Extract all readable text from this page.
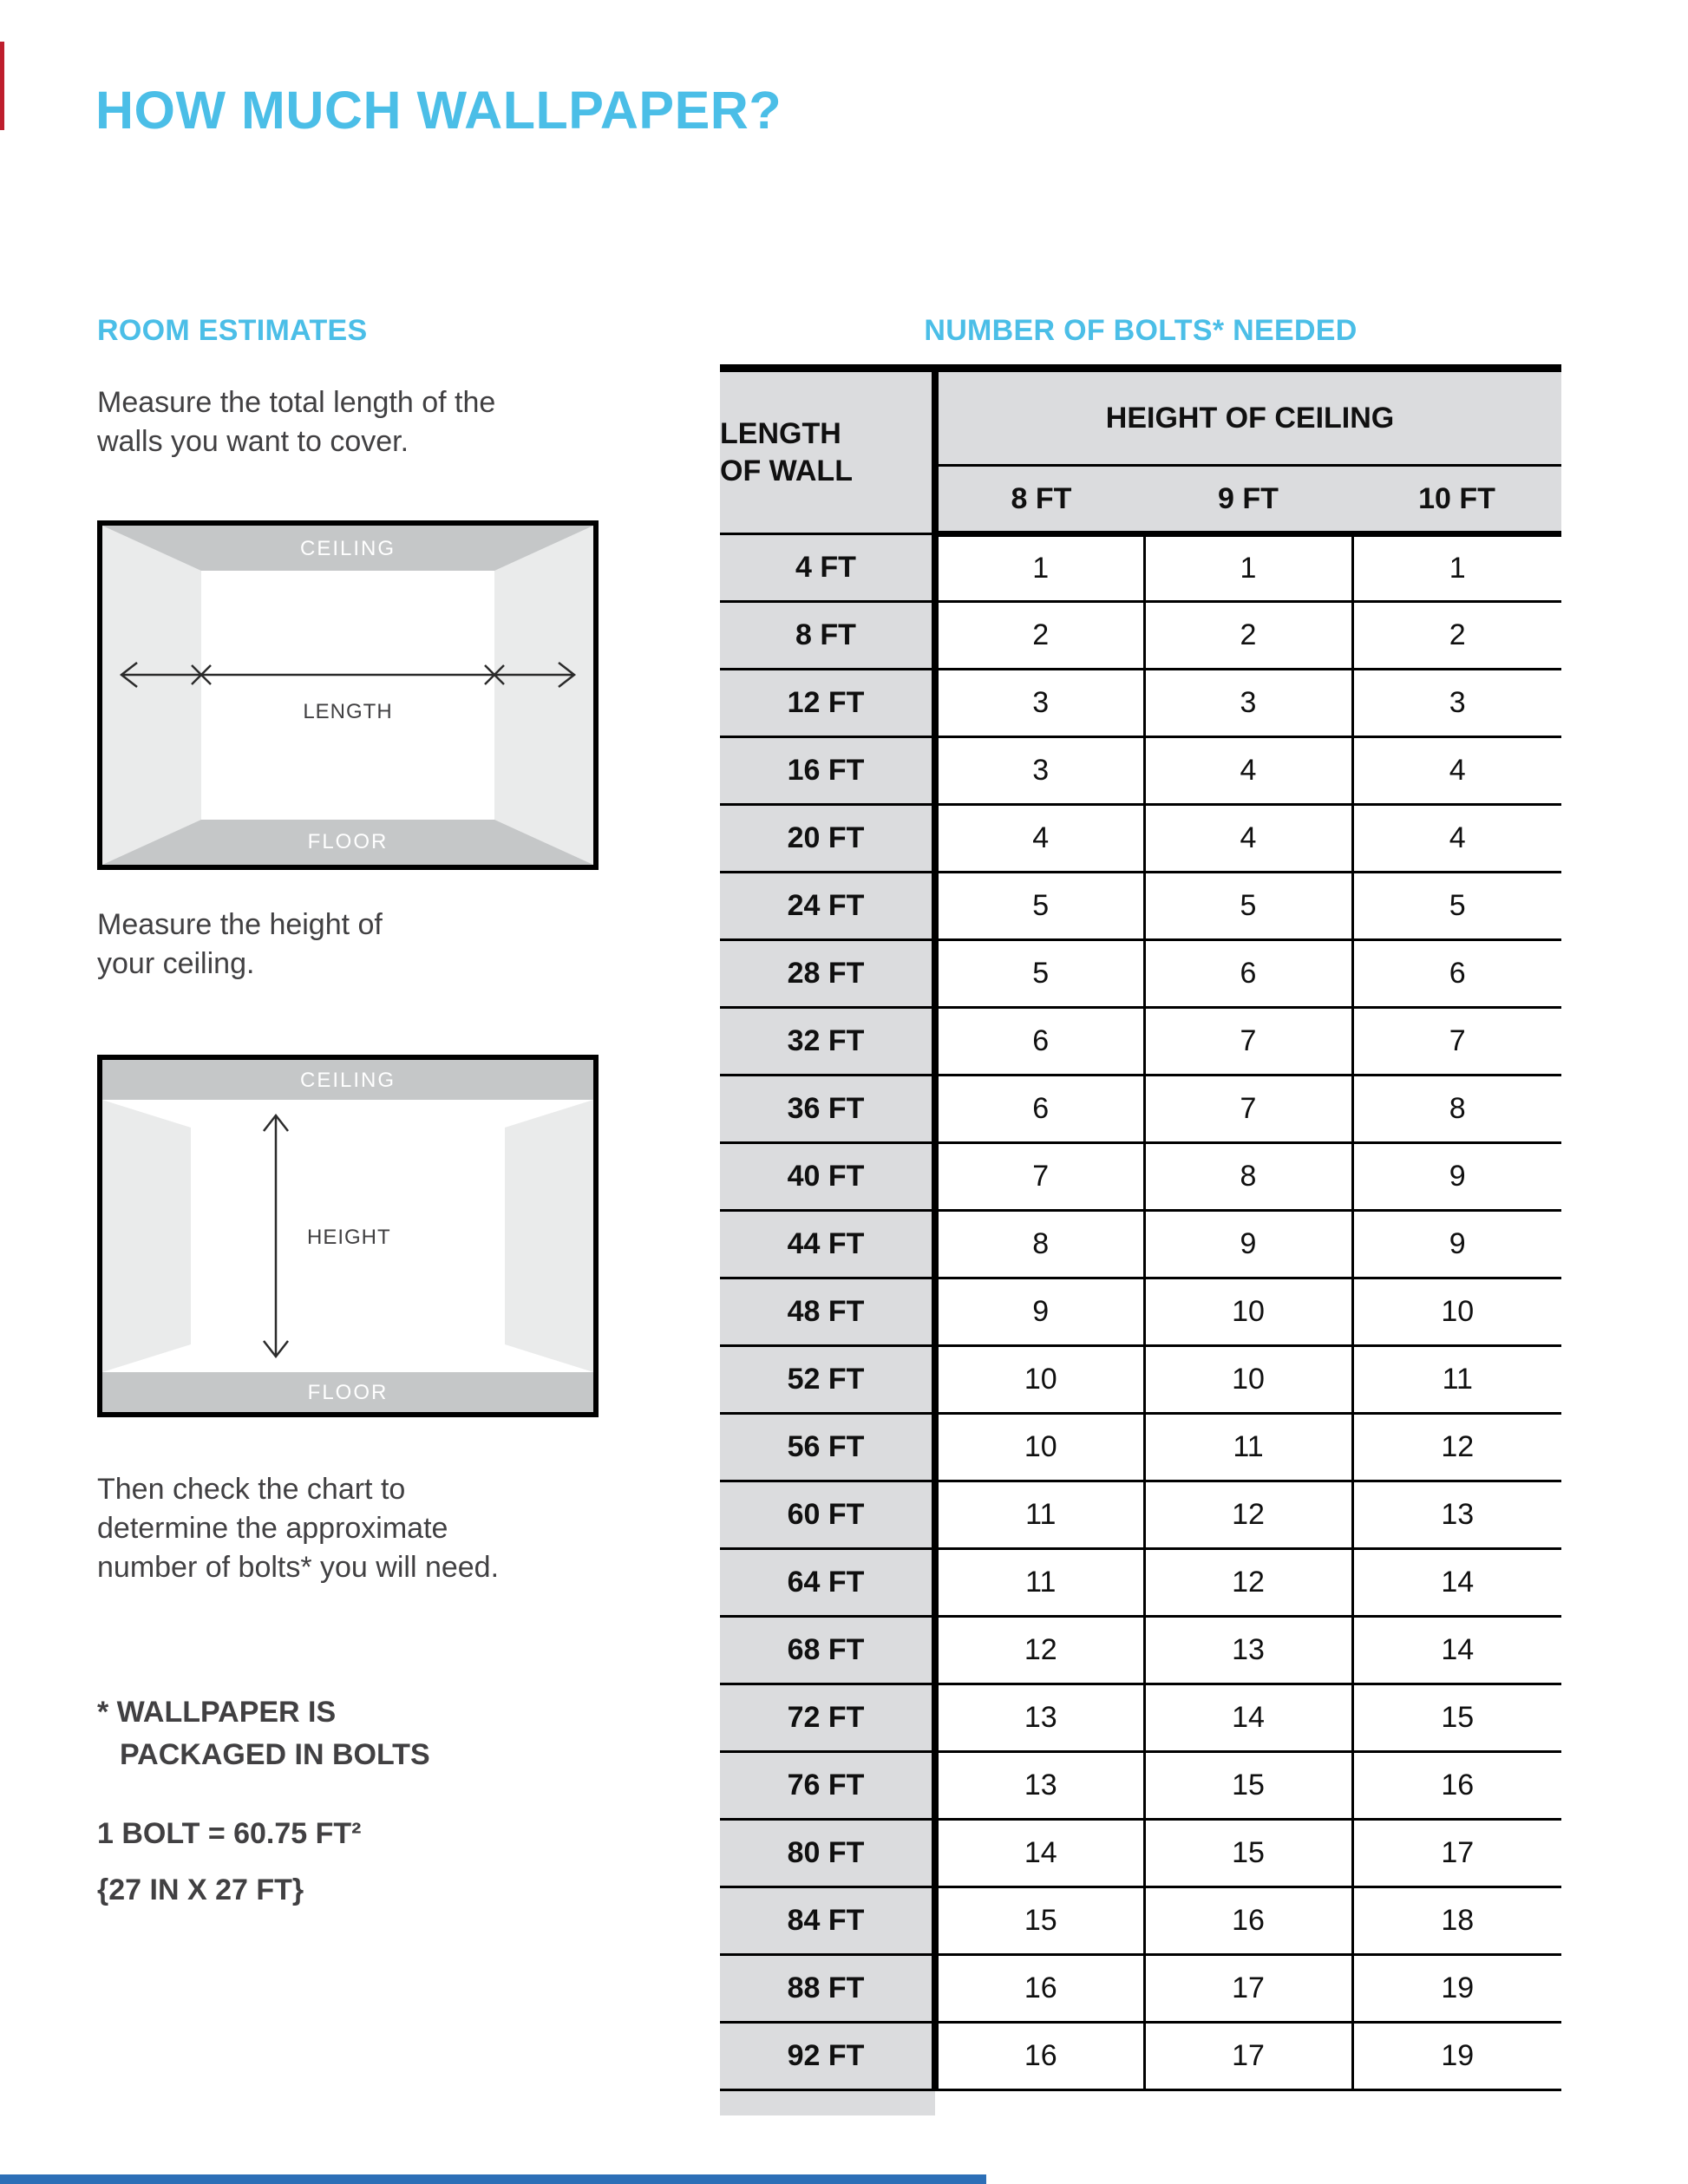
HOW MUCH WALLPAPER?
ROOM ESTIMATES
Measure the total length of the walls you want to cover.
CEILING
FLOOR
LENGTH
Measure the height of your ceiling.
CEILING
FLOOR
HEIGHT
Then check the chart to determine the approximate number of bolts* you will need.
* WALLPAPER IS
PACKAGED IN BOLTS
1 BOLT = 60.75 FT²
{27 IN X 27 FT}
NUMBER OF BOLTS* NEEDED
LENGTH OF WALL	HEIGHT OF CEILING		
	8 FT	9 FT	10 FT
4 FT	1	1	1
8 FT	2	2	2
12 FT	3	3	3
16 FT	3	4	4
20 FT	4	4	4
24 FT	5	5	5
28 FT	5	6	6
32 FT	6	7	7
36 FT	6	7	8
40 FT	7	8	9
44 FT	8	9	9
48 FT	9	10	10
52 FT	10	10	11
56 FT	10	11	12
60 FT	11	12	13
64 FT	11	12	14
68 FT	12	13	14
72 FT	13	14	15
76 FT	13	15	16
80 FT	14	15	17
84 FT	15	16	18
88 FT	16	17	19
92 FT	16	17	19
